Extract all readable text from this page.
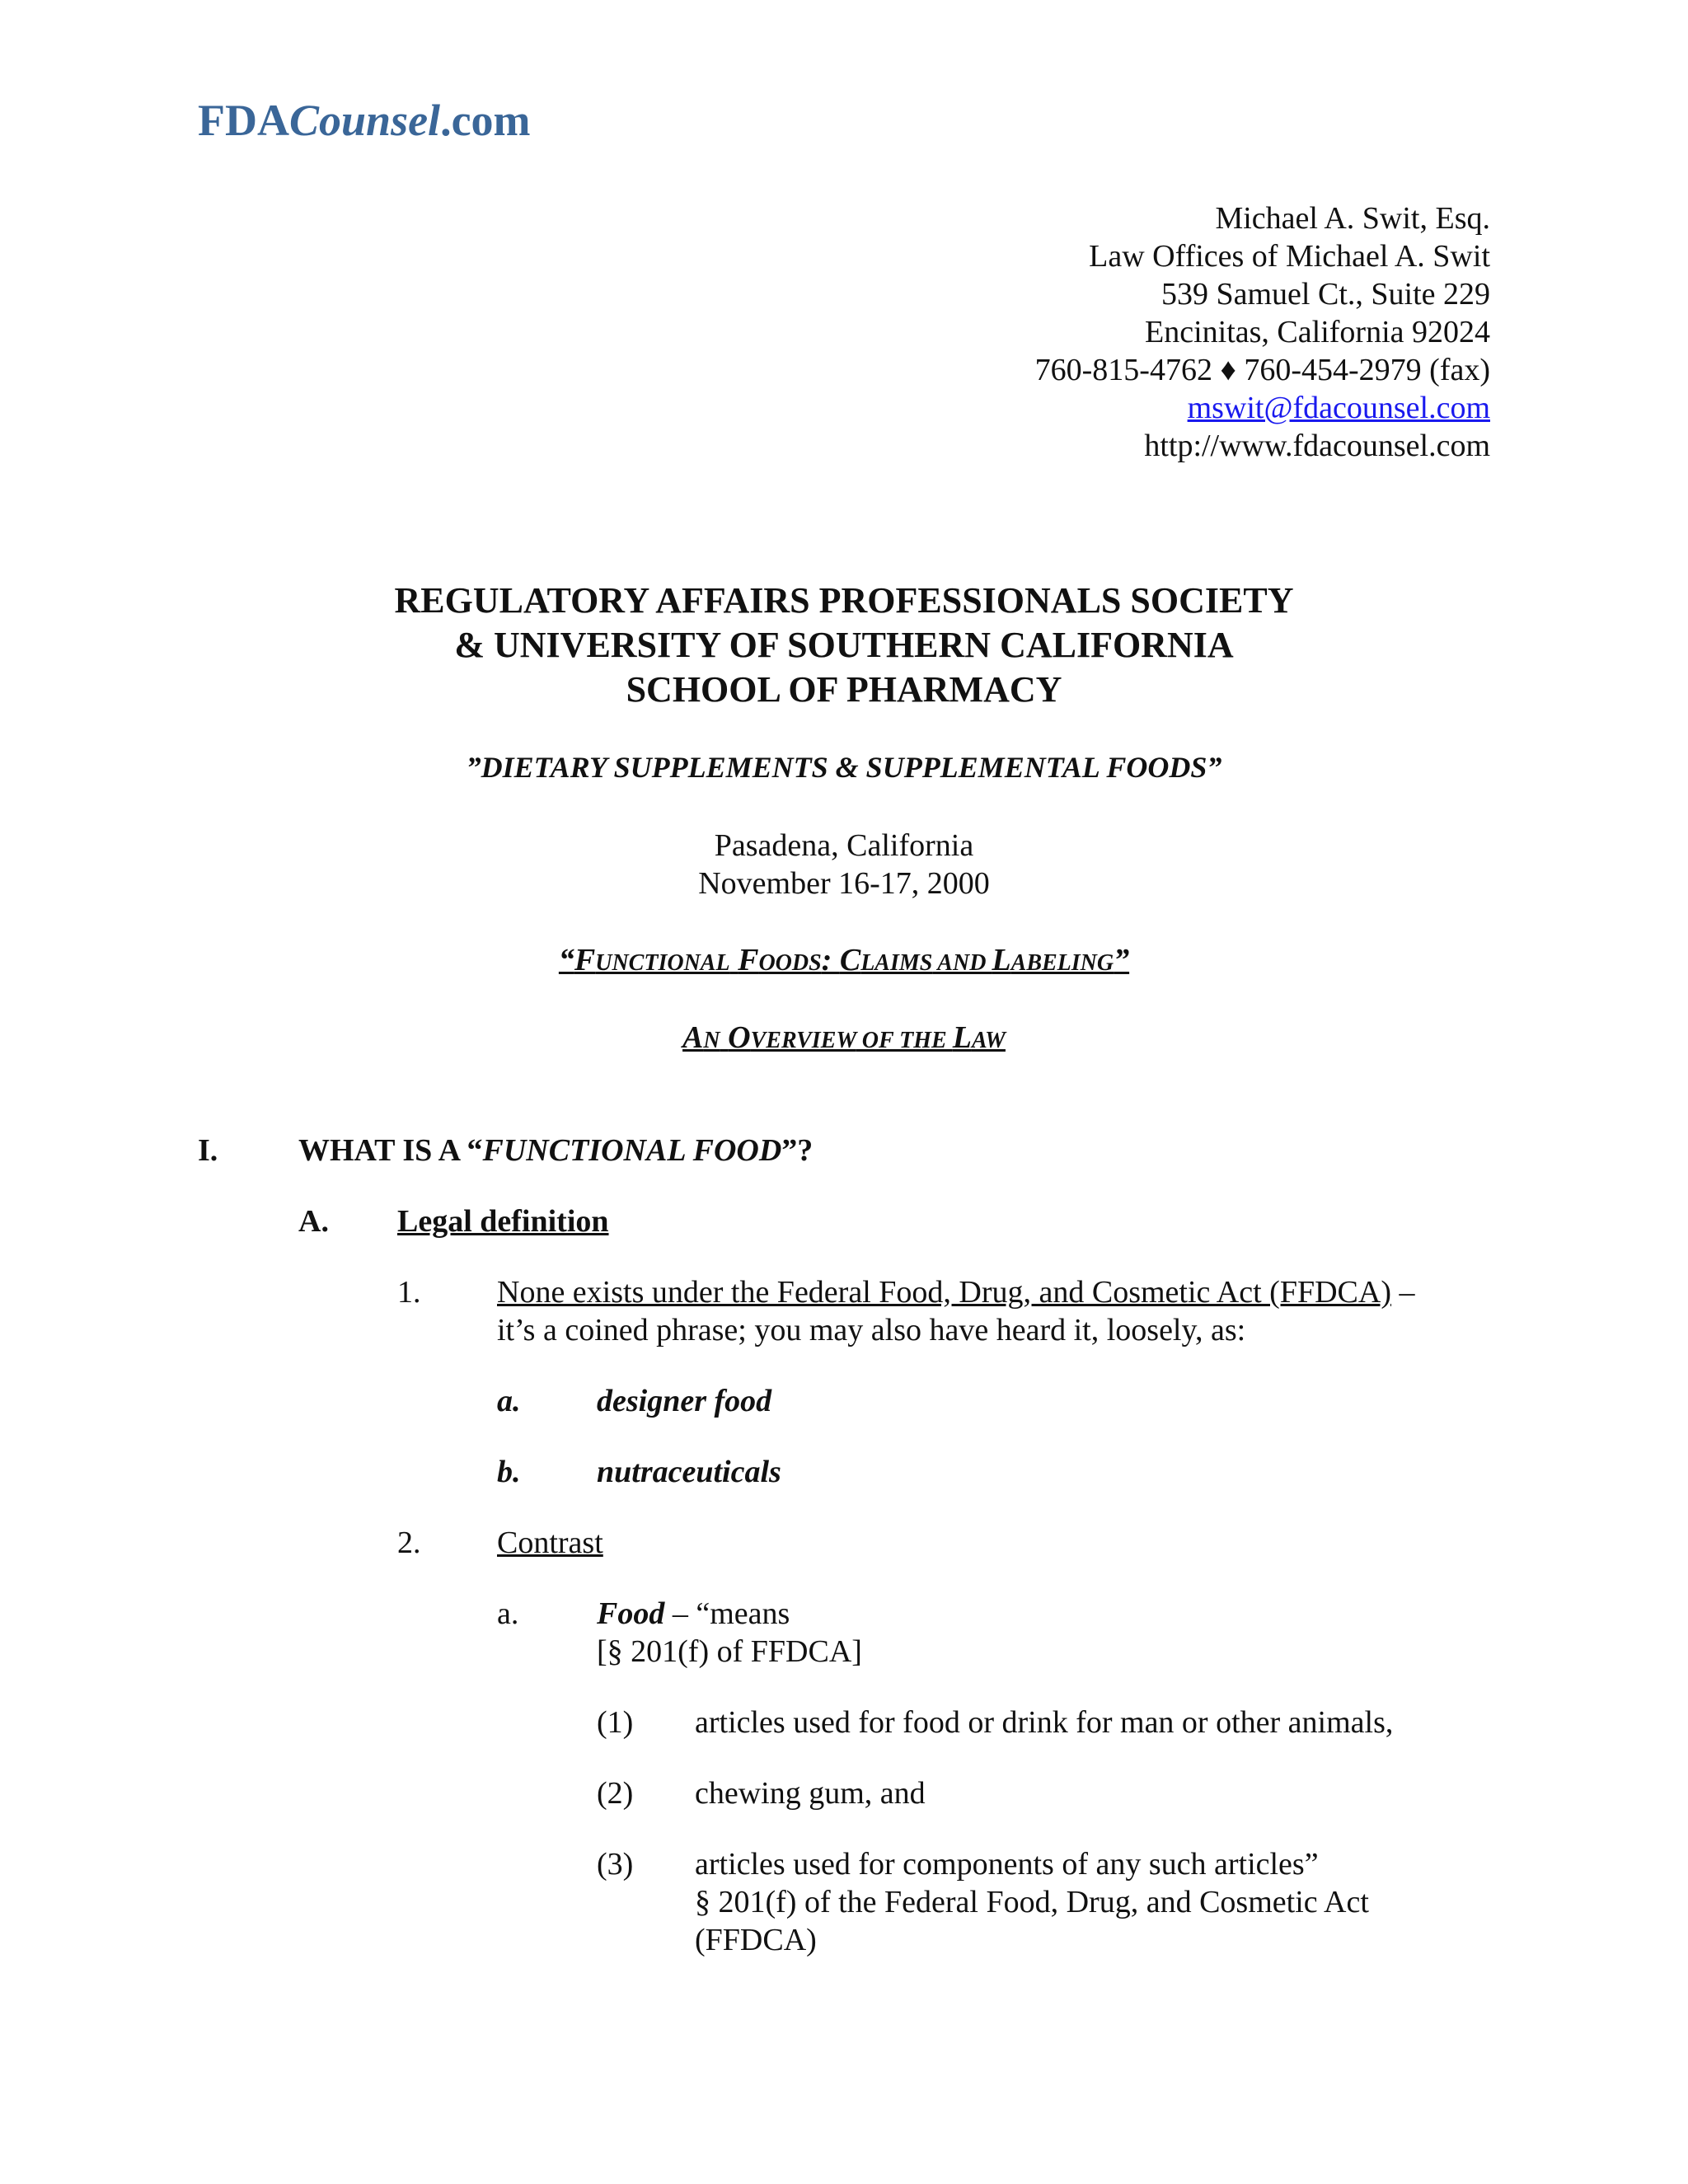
FDACounsel.com
Michael A. Swit, Esq.
Law Offices of Michael A. Swit
539 Samuel Ct., Suite 229
Encinitas, California 92024
760-815-4762 ♦ 760-454-2979 (fax)
mswit@fdacounsel.com
http://www.fdacounsel.com
REGULATORY AFFAIRS PROFESSIONALS SOCIETY
& UNIVERSITY OF SOUTHERN CALIFORNIA
SCHOOL OF PHARMACY
”DIETARY SUPPLEMENTS & SUPPLEMENTAL FOODS”
Pasadena, California
November 16-17, 2000
“FUNCTIONAL FOODS: CLAIMS AND LABELING”
AN OVERVIEW OF THE LAW
I.	WHAT IS A “FUNCTIONAL FOOD”?
A. Legal definition
1. None exists under the Federal Food, Drug, and Cosmetic Act (FFDCA) –
it’s a coined phrase; you may also have heard it, loosely, as:
a. designer food
b. nutraceuticals
2. Contrast
a. Food – “means
[§ 201(f) of FFDCA]
(1) articles used for food or drink for man or other animals,
(2) chewing gum, and
(3) articles used for components of any such articles”
§ 201(f) of the Federal Food, Drug, and Cosmetic Act
(FFDCA)
